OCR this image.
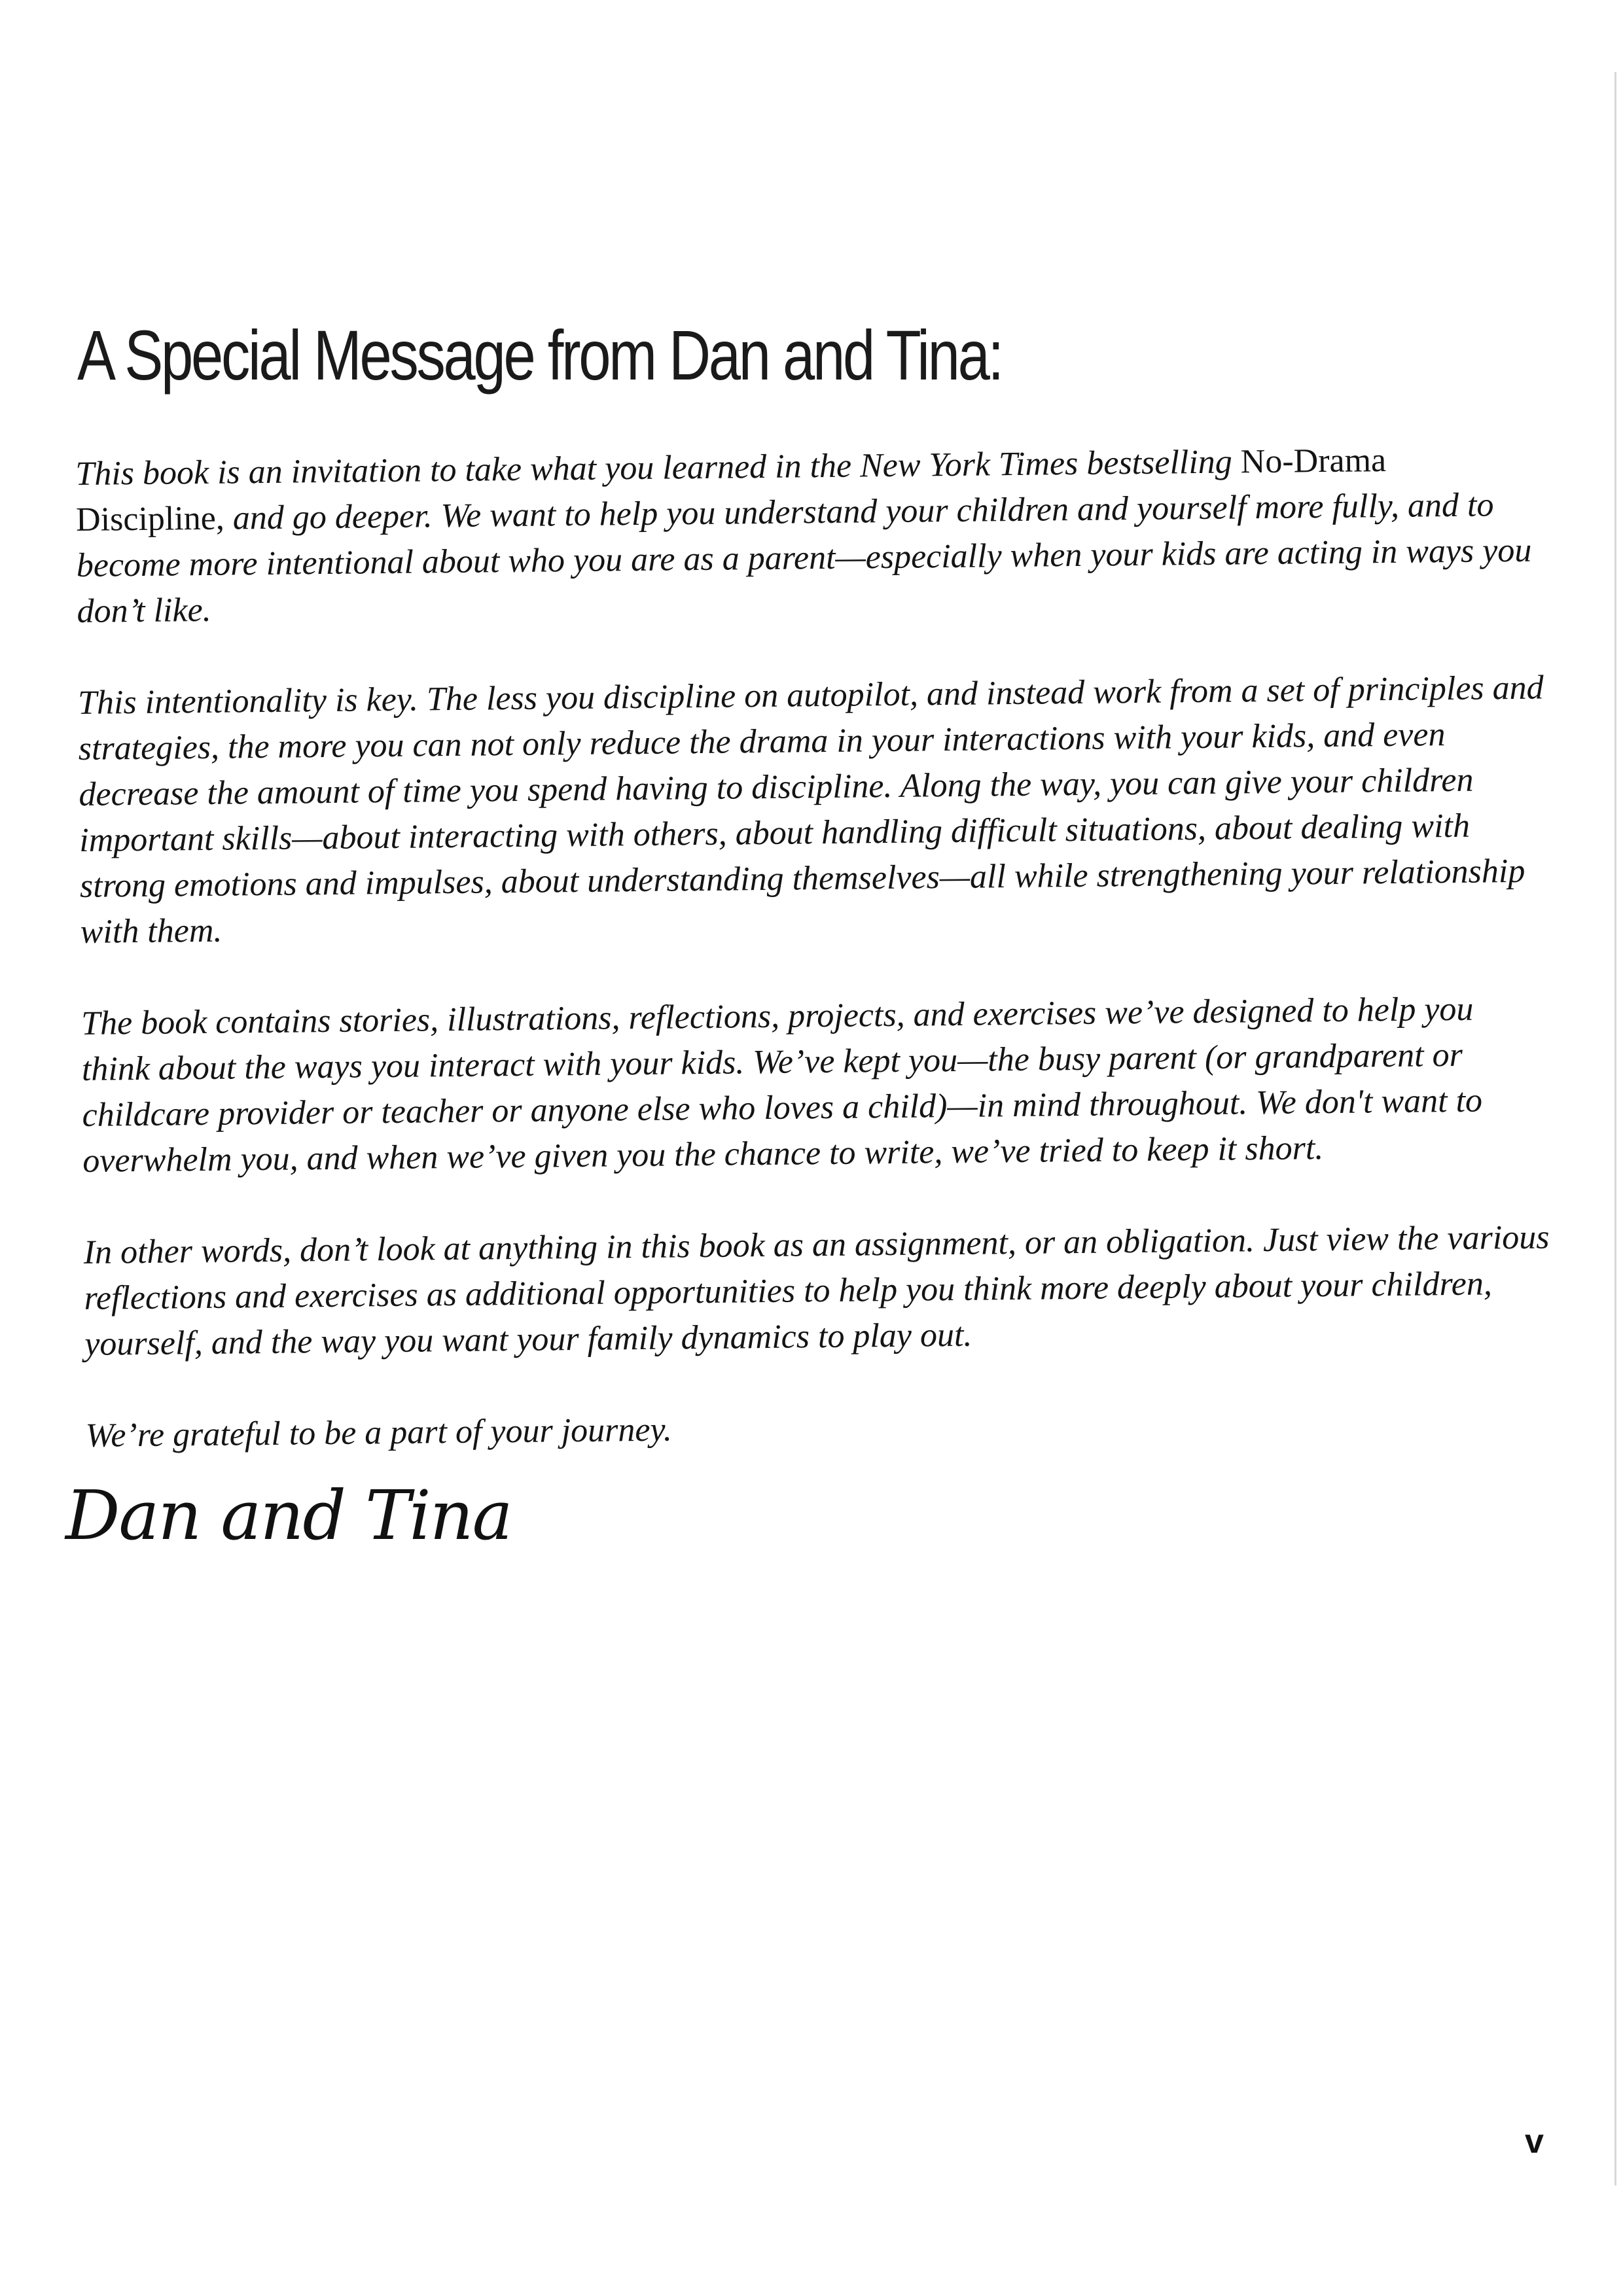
A Special Message from Dan and Tina:

This book is an invitation to take what you learned in the New York Times bestselling No-Drama Discipline, and go deeper. We want to help you understand your children and yourself more fully, and to become more intentional about who you are as a parent—especially when your kids are acting in ways you don’t like.

This intentionality is key. The less you discipline on autopilot, and instead work from a set of principles and strategies, the more you can not only reduce the drama in your interactions with your kids, and even decrease the amount of time you spend having to discipline. Along the way, you can give your children important skills—about interacting with others, about handling difficult situations, about dealing with strong emotions and impulses, about understanding themselves—all while strengthening your relationship with them.

The book contains stories, illustrations, reflections, projects, and exercises we’ve designed to help you think about the ways you interact with your kids. We’ve kept you—the busy parent (or grandparent or childcare provider or teacher or anyone else who loves a child)—in mind throughout. We don't want to overwhelm you, and when we’ve given you the chance to write, we’ve tried to keep it short.

In other words, don’t look at anything in this book as an assignment, or an obligation. Just view the various reflections and exercises as additional opportunities to help you think more deeply about your children, yourself, and the way you want your family dynamics to play out.

We’re grateful to be a part of your journey.

Dan and Tina
v
